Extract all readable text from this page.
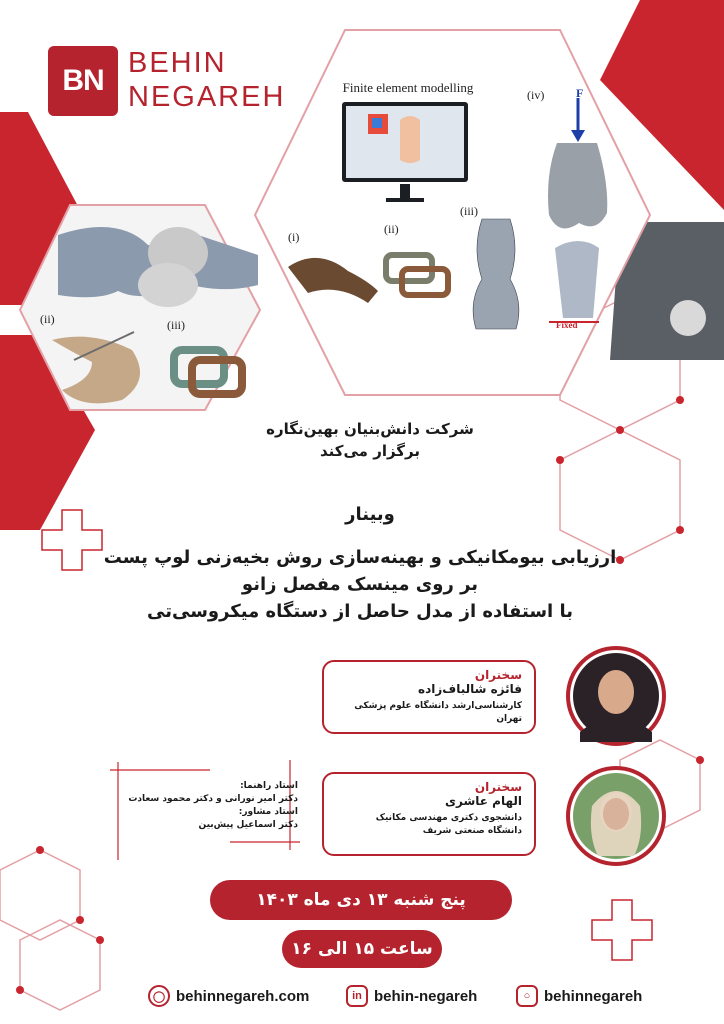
BN
BEHIN
NEGAREH	Finite element modelling	(iv)	F
Fixed
(i)
(ii)
(iii)
(ii)	(iii)
شرکت دانش‌بنیان بهین‌نگاره
برگزار می‌کند
وبینار
ارزیابی بیومکانیکی و بهینه‌سازی روش بخیه‌زنی لوپ پست
بر روی مینسک مفصل زانو
با استفاده از مدل حاصل از دستگاه میکروسی‌تی
سخنران
فائزه شالباف‌زاده
کارشناسی‌ارشد دانشگاه علوم پزشکی تهران
سخنران
الهام عاشری
دانشجوی دکتری مهندسی مکانیک
دانشگاه صنعتی شریف
استاد راهنما:
دکتر امیر نورانی و دکتر محمود سعادت
استاد مشاور:
دکتر اسماعیل پیش‌بین
پنج شنبه ۱۳ دی ماه ۱۴۰۳
ساعت ۱۵ الی ۱۶
◯ behinnegareh.com	in behin-negareh	○ behinnegareh
